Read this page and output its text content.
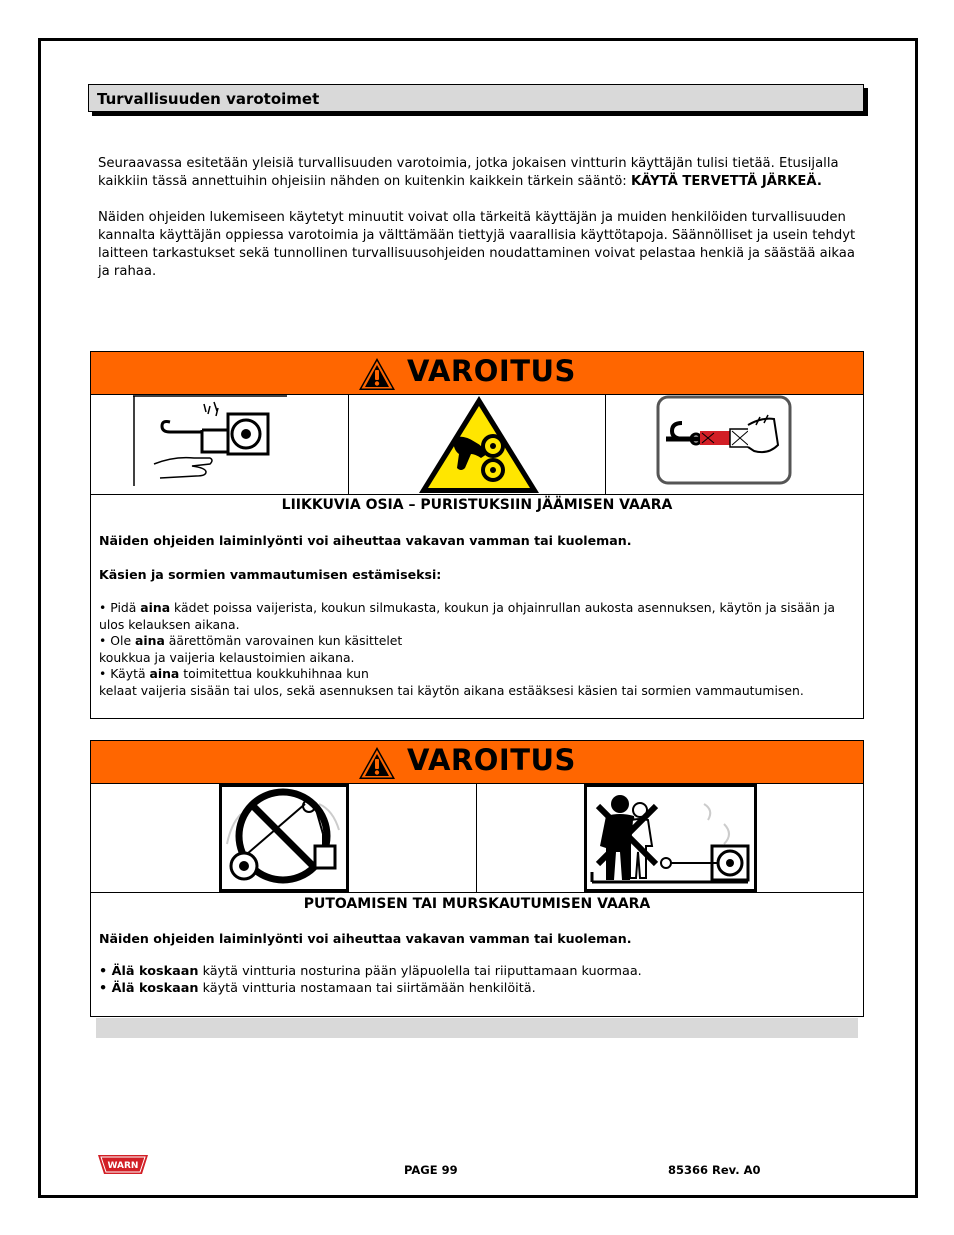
Turvallisuuden varotoimet

Seuraavassa esitetään yleisiä turvallisuuden varotoimia, jotka jokaisen vintturin käyttäjän tulisi tietää. Etusijalla kaikkiin tässä annettuihin ohjeisiin nähden on kuitenkin kaikkein tärkein sääntö: KÄYTÄ TERVETTÄ JÄRKEÄ.

Näiden ohjeiden lukemiseen käytetyt minuutit voivat olla tärkeitä käyttäjän ja muiden henkilöiden turvallisuuden kannalta käyttäjän oppiessa varotoimia ja välttämään tiettyjä vaarallisia käyttötapoja. Säännölliset ja usein tehdyt laitteen tarkastukset sekä tunnollinen turvallisuusohjeiden noudattaminen voivat pelastaa henkiä ja säästää aikaa ja rahaa.

VAROITUS
©1999 ECS, Inc. 800-748-0241 No. 1018451D
LIIKKUVIA OSIA – PURISTUKSIIN JÄÄMISEN VAARA
Näiden ohjeiden laiminlyönti voi aiheuttaa vakavan vamman tai kuoleman.
Käsien ja sormien vammautumisen estämiseksi:

• Pidä aina kädet poissa vaijerista, koukun silmukasta, koukun ja ohjainrullan aukosta asennuksen, käytön ja sisään ja ulos kelauksen aikana.

• Ole aina äärettömän varovainen kun käsittelet

koukkua ja vaijeria kelaustoimien aikana.

• Käytä aina toimitettua koukkuhihnaa kun

kelaat vaijeria sisään tai ulos, sekä asennuksen tai käytön aikana estääksesi käsien tai sormien vammautumisen.

VAROITUS
PUTOAMISEN TAI MURSKAUTUMISEN VAARA
Näiden ohjeiden laiminlyönti voi aiheuttaa vakavan vamman tai kuoleman.

• Älä koskaan käytä vintturia nosturina pään yläpuolella tai riiputtamaan kuormaa.

• Älä koskaan käytä vintturia nostamaan tai siirtämään henkilöitä.

WARN	PAGE 99	85366 Rev. A0
